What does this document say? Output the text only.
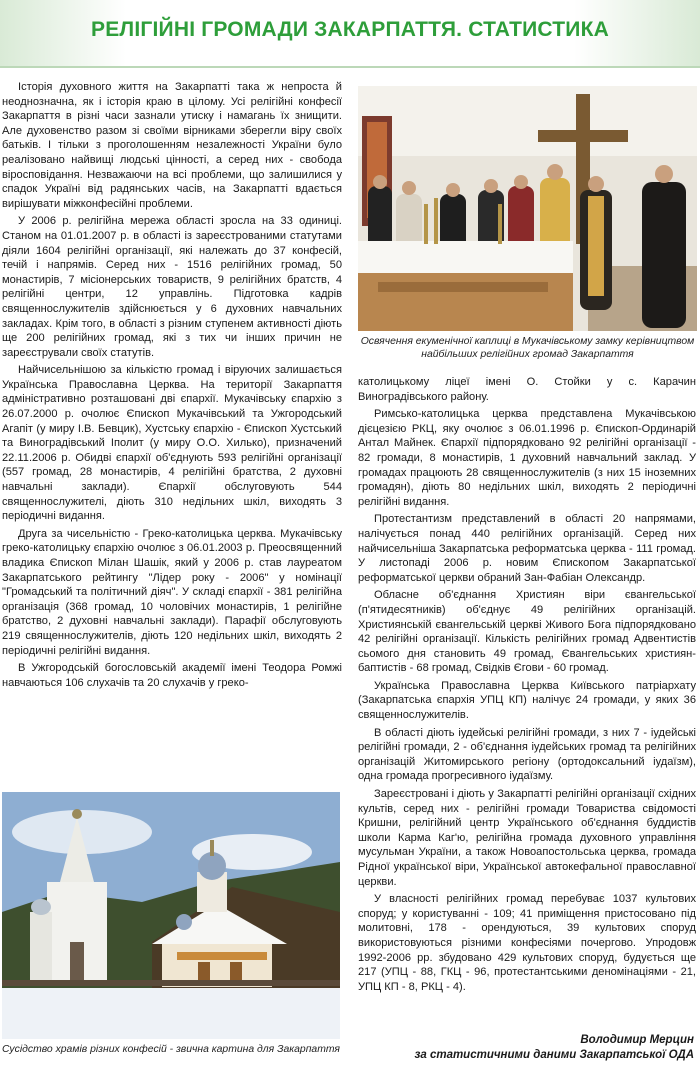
РЕЛІГІЙНІ ГРОМАДИ ЗАКАРПАТТЯ. СТАТИСТИКА

Історія духовного життя на Закарпатті така ж непроста й неоднозначна, як і історія краю в цілому. Усі релігійні конфесії Закарпаття в різні часи зазнали утиску і намагань їх знищити. Але духовенство разом зі своїми вірниками зберегли віру своїх батьків. І тільки з проголошенням незалежності України було реалізовано найвищі людські цінності, а серед них - свобода віросповідання. Незважаючи на всі проблеми, що залишилися у спадок Україні від радянських часів, на Закарпатті вдається вирішувати міжконфесійні проблеми.

У 2006 р. релігійна мережа області зросла на 33 одиниці. Станом на 01.01.2007 р. в області із зареєстрованими статутами діяли 1604 релігійні організації, які належать до 37 конфесій, течій і напрямів. Серед них - 1516 релігійних громад, 50 монастирів, 7 місіонерських товариств, 9 релігійних братств, 4 релігійні центри, 12 управлінь. Підготовка кадрів священнослужителів здійснюється у 6 духовних навчальних закладах. Крім того, в області з різним ступенем активності діють ще 200 релігійних громад, які з тих чи інших причин не зареєстрували своїх статутів.

Найчисельнішою за кількістю громад і віруючих залишається Українська Православна Церква. На території Закарпаття адміністративно розташовані дві єпархії. Мукачівську єпархію з 26.07.2000 р. очолює Єпископ Мукачівський та Ужгородський Агапіт (у миру І.В. Бевцик), Хустську єпархію - Єпископ Хустський та Виноградівський Іполит (у миру О.О. Хилько), призначений 22.11.2006 р. Обидві єпархії об'єднують 593 релігійні організації (557 громад, 28 монастирів, 4 релігійні братства, 2 духовні навчальні заклади). Єпархії обслуговують 544 священнослужителі, діють 310 недільних шкіл, виходять 3 періодичні видання.

Друга за чисельністю - Греко-католицька церква. Мукачівську греко-католицьку єпархію очолює з 06.01.2003 р. Преосвященний владика Єпископ Мілан Шашік, який у 2006 р. став лауреатом Закарпатського рейтингу "Лідер року - 2006" у номінації "Громадський та політичний діяч". У складі єпархії - 381 релігійна організація (368 громад, 10 чоловічих монастирів, 1 релігійне братство, 2 духовні навчальні заклади). Парафії обслуговують 219 священнослужителів, діють 120 недільних шкіл, виходять 2 періодичні релігійні видання.

В Ужгородській богословській академії імені Теодора Ромжі навчаються 106 слухачів та 20 слухачів у греко-

Освячення екуменічної каплиці в Мукачівському замку керівництвом найбільших релігійних громад Закарпаття

католицькому ліцеї імені О. Стойки у с. Карачин Виноградівського району.

Римсько-католицька церква представлена Мукачівською дієцезією РКЦ, яку очолює з 06.01.1996 р. Єпископ-Ординарій Антал Майнек. Єпархії підпорядковано 92 релігійні організації - 82 громади, 8 монастирів, 1 духовний навчальний заклад. У громадах працюють 28 священнослужителів (з них 15 іноземних громадян), діють 80 недільних шкіл, виходять 2 періодичні релігійні видання.

Протестантизм представлений в області 20 напрямами, налічується понад 440 релігійних організацій. Серед них найчисельніша Закарпатська реформатська церква - 111 громад. У листопаді 2006 р. новим Єпископом Закарпатської реформатської церкви обраний Зан-Фабіан Олександр.

Обласне об'єднання Християн віри євангельської (п'ятидесятників) об'єднує 49 релігійних організацій. Християнській євангельській церкві Живого Бога підпорядковано 42 релігійні організації. Кількість релігійних громад Адвентистів сьомого дня становить 49 громад, Євангельських християн-баптистів - 68 громад, Свідків Єгови - 60 громад.

Українська Православна Церква Київського патріархату (Закарпатська єпархія УПЦ КП) налічує 24 громади, у яких 36 священнослужителів.

В області діють іудейські релігійні громади, з них 7 - іудейські релігійні громади, 2 - об'єднання іудейських громад та релігійних організацій Житомирського регіону (ортодоксальний іудаїзм), одна громада прогресивного іудаїзму.

Зареєстровані і діють у Закарпатті релігійні організації східних культів, серед них - релігійні громади Товариства свідомості Кришни, релігійний центр Українського об'єднання буддистів школи Карма Каг'ю, релігійна громада духовного управління мусульман України, а також Новоапостольська церква, громада Рідної української віри, Української автокефальної православної церкви.

У власності релігійних громад перебуває 1037 культових споруд; у користуванні - 109; 41 приміщення пристосовано під молитовні, 178 - орендуються, 39 культових споруд використовуються різними конфесіями почергово. Упродовж 1992-2006 рр. збудовано 429 культових споруд, будується ще 217 (УПЦ - 88, ГКЦ - 96, протестантськими деномінаціями - 21, УПЦ КП - 8, РКЦ - 4).

Сусідство храмів різних конфесій - звична картина для Закарпаття
Володимир Мерцин
за статистичними даними Закарпатської ОДА
